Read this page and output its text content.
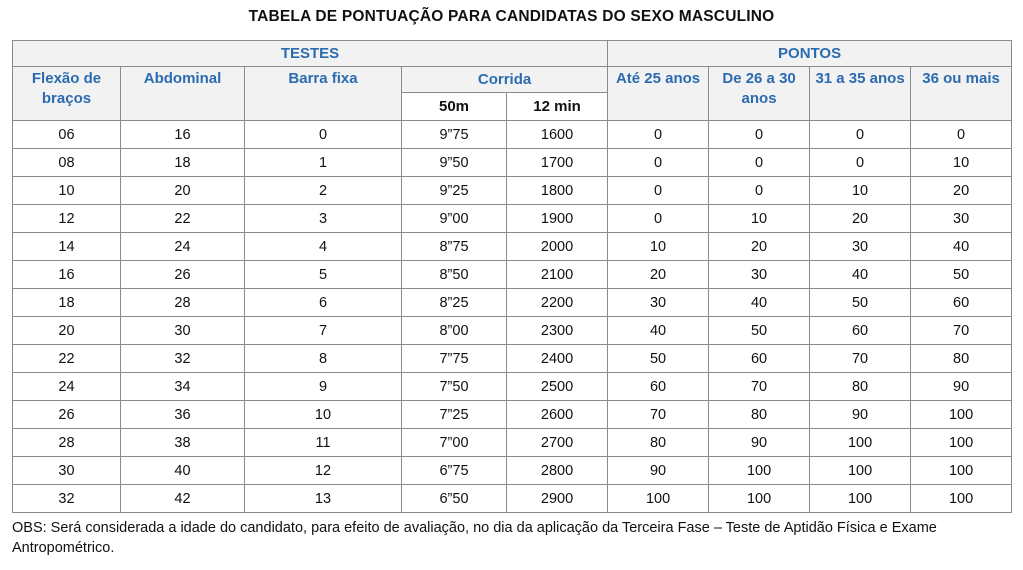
TABELA DE PONTUAÇÃO PARA CANDIDATAS DO SEXO MASCULINO
TESTES					PONTOS			
Flexão de braços	Abdominal	Barra fixa	Corrida		Até 25 anos	De 26 a 30 anos	31 a 35 anos	36 ou mais
			50m	12 min				
06	16	0	9”75	1600	0	0	0	0
08	18	1	9”50	1700	0	0	0	10
10	20	2	9”25	1800	0	0	10	20
12	22	3	9”00	1900	0	10	20	30
14	24	4	8”75	2000	10	20	30	40
16	26	5	8”50	2100	20	30	40	50
18	28	6	8”25	2200	30	40	50	60
20	30	7	8”00	2300	40	50	60	70
22	32	8	7”75	2400	50	60	70	80
24	34	9	7”50	2500	60	70	80	90
26	36	10	7”25	2600	70	80	90	100
28	38	11	7”00	2700	80	90	100	100
30	40	12	6”75	2800	90	100	100	100
32	42	13	6”50	2900	100	100	100	100
OBS: Será considerada a idade do candidato, para efeito de avaliação, no dia da aplicação da Terceira Fase – Teste de Aptidão Física e Exame Antropométrico.
